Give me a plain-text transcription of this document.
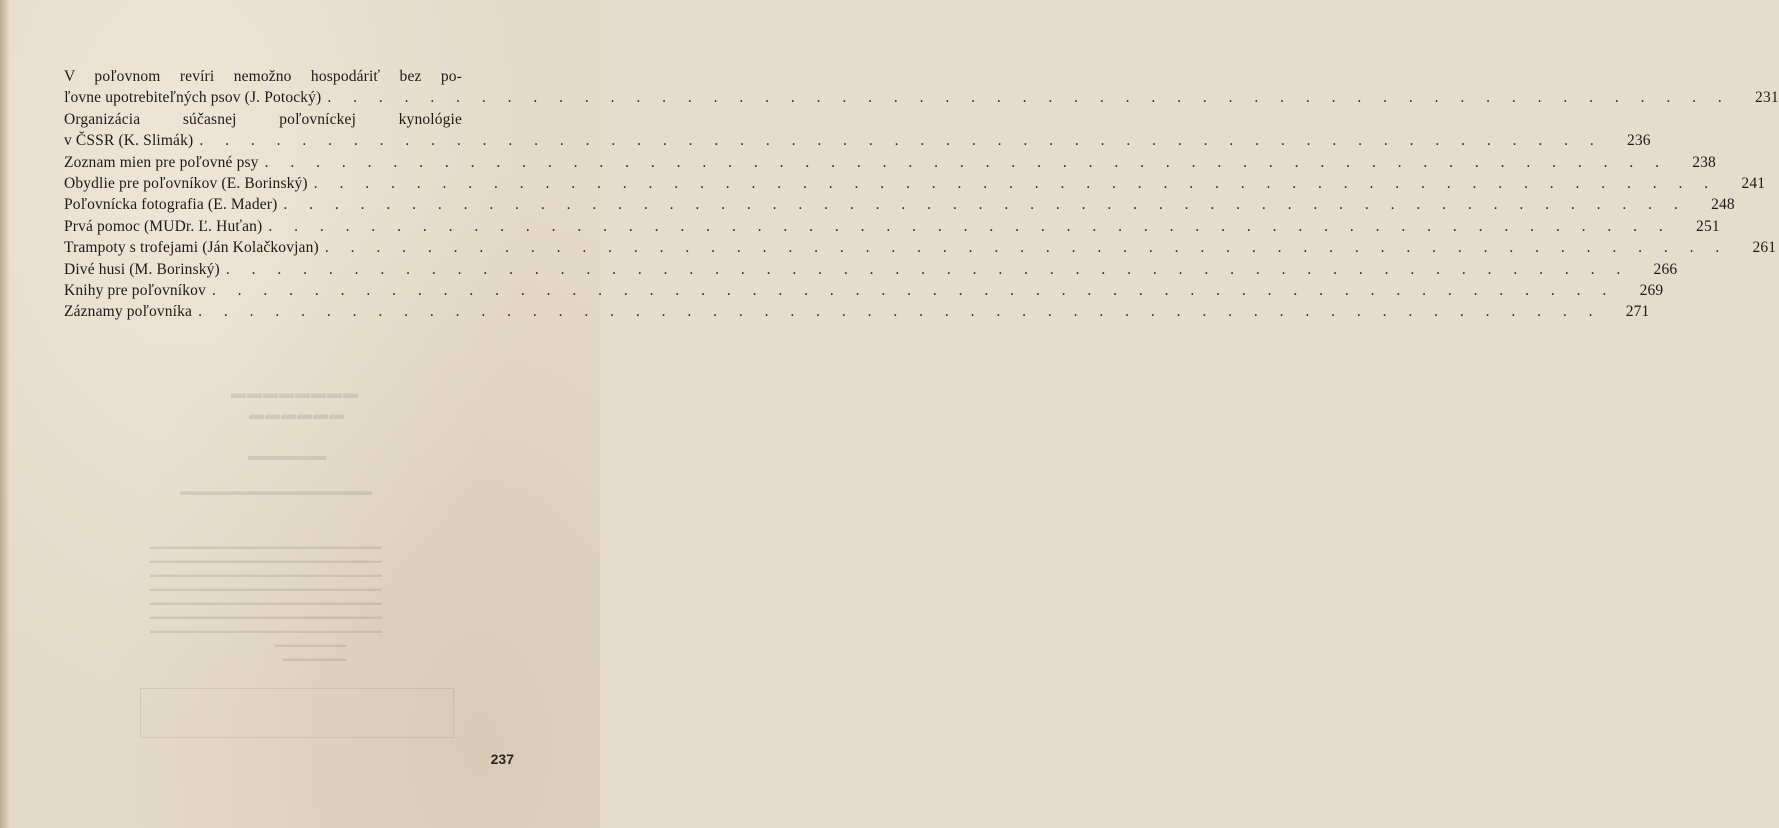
▬▬▬▬▬▬▬▬
▬▬▬▬▬▬
▬▬▬▬▬▬
▬▬▬▬▬▬▬▬▬▬▬▬▬▬▬▬
▬▬▬▬▬▬▬▬▬▬▬▬▬▬▬▬▬▬▬▬▬▬▬▬▬▬▬▬▬
▬▬▬▬▬▬▬▬▬▬▬▬▬▬▬▬▬▬▬▬▬▬▬▬▬▬▬▬▬
▬▬▬▬▬▬▬▬▬▬▬▬▬▬▬▬▬▬▬▬▬▬▬▬▬▬▬▬▬
▬▬▬▬▬▬▬▬▬▬▬▬▬▬▬▬▬▬▬▬▬▬▬▬▬▬▬▬▬
▬▬▬▬▬▬▬▬▬▬▬▬▬▬▬▬▬▬▬▬▬▬▬▬▬▬▬▬▬
▬▬▬▬▬▬▬▬▬▬▬▬▬▬▬▬▬▬▬▬▬▬▬▬▬▬▬▬▬
▬▬▬▬▬▬▬▬▬▬▬▬▬▬▬▬▬▬▬▬▬▬▬▬▬▬▬▬▬
▬▬▬▬▬▬▬▬▬
▬▬▬▬▬▬▬▬
V poľovnom revíri nemožno hospodáriť bez po-
ľovne upotrebiteľných psov (J. Potocký) . . . . . . . . . . . . . . . . . . . . . . . . . . . . . . . . . . . . . . . . . . . . . . . . . . . . . . .	231
Organizácia súčasnej poľovníckej kynológie
v ČSSR (K. Slimák) . . . . . . . . . . . . . . . . . . . . . . . . . . . . . . . . . . . . . . . . . . . . . . . . . . . . . . .	236
Zoznam mien pre poľovné psy . . . . . . . . . . . . . . . . . . . . . . . . . . . . . . . . . . . . . . . . . . . . . . . . . . . . . . .	238
Obydlie pre poľovníkov (E. Borinský) . . . . . . . . . . . . . . . . . . . . . . . . . . . . . . . . . . . . . . . . . . . . . . . . . . . . . . .	241
Poľovnícka fotografia (E. Mader) . . . . . . . . . . . . . . . . . . . . . . . . . . . . . . . . . . . . . . . . . . . . . . . . . . . . . . .	248
Prvá pomoc (MUDr. Ľ. Huťan) . . . . . . . . . . . . . . . . . . . . . . . . . . . . . . . . . . . . . . . . . . . . . . . . . . . . . . .	251
Trampoty s trofejami (Ján Kolačkovjan) . . . . . . . . . . . . . . . . . . . . . . . . . . . . . . . . . . . . . . . . . . . . . . . . . . . . . . .	261
Divé husi (M. Borinský) . . . . . . . . . . . . . . . . . . . . . . . . . . . . . . . . . . . . . . . . . . . . . . . . . . . . . . .	266
Knihy pre poľovníkov . . . . . . . . . . . . . . . . . . . . . . . . . . . . . . . . . . . . . . . . . . . . . . . . . . . . . . .	269
Záznamy poľovníka . . . . . . . . . . . . . . . . . . . . . . . . . . . . . . . . . . . . . . . . . . . . . . . . . . . . . . .	271
237
